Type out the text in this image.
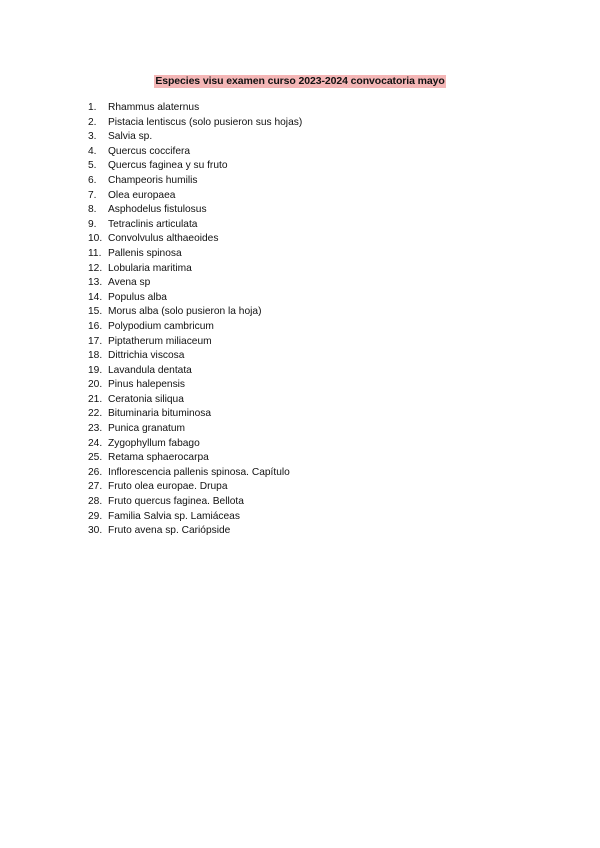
Especies visu examen curso 2023-2024 convocatoria mayo
1.	Rhammus alaternus
2.	Pistacia lentiscus (solo pusieron sus hojas)
3.	Salvia sp.
4.	Quercus coccifera
5.	Quercus faginea y su fruto
6.	Champeoris humilis
7.	Olea europaea
8.	Asphodelus fistulosus
9.	Tetraclinis articulata
10. Convolvulus althaeoides
11. Pallenis spinosa
12. Lobularia maritima
13. Avena sp
14. Populus alba
15. Morus alba (solo pusieron la hoja)
16. Polypodium cambricum
17. Piptatherum miliaceum
18. Dittrichia viscosa
19. Lavandula dentata
20. Pinus halepensis
21. Ceratonia siliqua
22. Bituminaria bituminosa
23. Punica granatum
24. Zygophyllum fabago
25. Retama sphaerocarpa
26. Inflorescencia pallenis spinosa. Capítulo
27. Fruto olea europae. Drupa
28. Fruto quercus faginea. Bellota
29. Familia Salvia sp. Lamiáceas
30. Fruto avena sp. Cariópside
